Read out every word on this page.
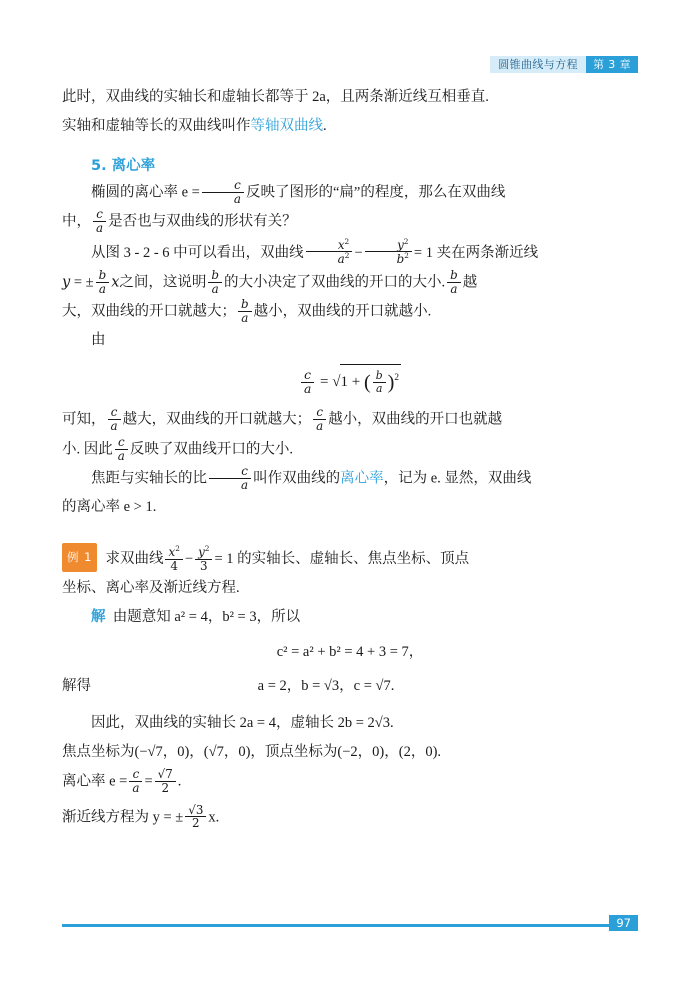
圆锥曲线与方程	第 3 章

此时，双曲线的实轴长和虚轴长都等于 2a，且两条渐近线互相垂直.

实轴和虚轴等长的双曲线叫作等轴双曲线.

5. 离心率

椭圆的离心率 $e = \frac{c}{a}$ 反映了图形的“扁”的程度，那么在双曲线

中， $\frac{c}{a}$ 是否也与双曲线的形状有关？

从图 3 - 2 - 6 中可以看出，双曲线 $\frac{x^2}{a^2} - \frac{y^2}{b^2} = 1$ 夹在两条渐近线

y = ± $\frac{b}{a}$ x之间，这说明 $\frac{b}{a}$ 的大小决定了双曲线的开口的大小. $\frac{b}{a}$ 越

大，双曲线的开口就越大； $\frac{b}{a}$ 越小，双曲线的开口就越小.

由

$\frac{c}{a} = √1$ + ( $\frac{b}{a} )^2$

可知， $\frac{c}{a}$ 越大，双曲线的开口就越大； $\frac{c}{a}$ 越小，双曲线的开口也就越

小. 因此 $\frac{c}{a}$ 反映了双曲线开口的大小.

焦距与实轴长的比 $\frac{c}{a}$ 叫作双曲线的离心率，记为 e. 显然，双曲线

的离心率 e > 1.

例 1 求双曲线 $\frac{x^2}{4} - \frac{y^2}{3} = 1$ 的实轴长、虚轴长、焦点坐标、顶点

坐标、离心率及渐近线方程.

解 由题意知 a² = 4，b² = 3，所以

c² = a² + b² = 4 + 3 = 7，
解得	a = 2，b = √3，c = √7.

因此，双曲线的实轴长 2a = 4，虚轴长 2b = 2√3.

焦点坐标为(−√7，0)，(√7，0)，顶点坐标为(−2，0)，(2，0).

离心率 $e = \frac{c}{a} = \frac{√7}{2}$ .

渐近线方程为 y = ± $\frac{√3}{2} x$.

97
